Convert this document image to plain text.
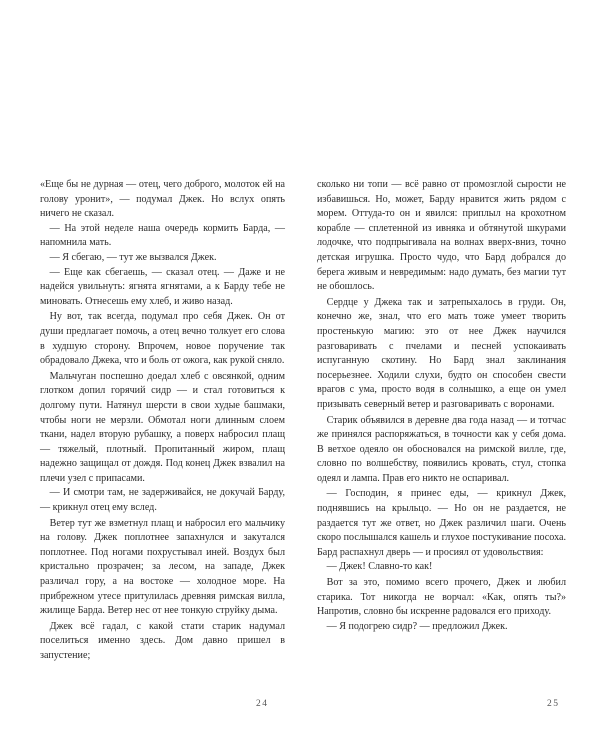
«Еще бы не дурная — отец, чего доброго, молоток ей на голову уронит», — подумал Джек. Но вслух опять ничего не сказал.

— На этой неделе наша очередь кормить Барда, — напомнила мать.

— Я сбегаю, — тут же вызвался Джек.

— Еще как сбегаешь, — сказал отец. — Даже и не надейся увильнуть: ягнята ягнятами, а к Барду тебе не миновать. Отнесешь ему хлеб, и живо назад.

Ну вот, так всегда, подумал про себя Джек. Он от души предлагает помочь, а отец вечно толкует его слова в худшую сторону. Впрочем, новое поручение так обрадовало Джека, что и боль от ожога, как рукой сняло.

Мальчуган поспешно доедал хлеб с овсянкой, одним глотком допил горячий сидр — и стал готовиться к долгому пути. Натянул шерсти в свои худые башмаки, чтобы ноги не мерзли. Обмотал ноги длинным слоем ткани, надел вторую рубашку, а поверх набросил плащ — тяжелый, плотный. Пропитанный жиром, плащ надежно защищал от дождя. Под конец Джек взвалил на плечи узел с припасами.

— И смотри там, не задерживайся, не докучай Барду, — крикнул отец ему вслед.

Ветер тут же взметнул плащ и набросил его мальчику на голову. Джек поплотнее запахнулся и закутался поплотнее. Под ногами похрустывал иней. Воздух был кристально прозрачен; за лесом, на западе, Джек различал гору, а на востоке — холодное море. На прибрежном утесе притулилась древняя римская вилла, жилище Барда. Ветер нес от нее тонкую струйку дыма.

Джек всё гадал, с какой стати старик надумал поселиться именно здесь. Дом давно пришел в запустение;

сколько ни топи — всё равно от промозглой сырости не избавишься. Но, может, Барду нравится жить рядом с морем. Оттуда-то он и явился: приплыл на крохотном корабле — сплетенной из ивняка и обтянутой шкурами лодочке, что подпрыгивала на волнах вверх-вниз, точно детская игрушка. Просто чудо, что Бард добрался до берега живым и невредимым: надо думать, без магии тут не обошлось.

Сердце у Джека так и затрепыхалось в груди. Он, конечно же, знал, что его мать тоже умеет творить простенькую магию: это от нее Джек научился разговаривать с пчелами и песней успокаивать испуганную скотину. Но Бард знал заклинания посерьезнее. Ходили слухи, будто он способен свести врагов с ума, просто водя в солнышко, а еще он умел призывать северный ветер и разговаривать с воронами.

Старик объявился в деревне два года назад — и тотчас же принялся распоряжаться, в точности как у себя дома. В ветхое одеяло он обосновался на римской вилле, где, словно по волшебству, появились кровать, стул, стопка одеял и лампа. Прав его никто не оспаривал.

— Господин, я принес еды, — крикнул Джек, поднявшись на крыльцо. — Но он не раздается, не раздается тут же ответ, но Джек различил шаги. Очень скоро послышался кашель и глухое постукивание посоха. Бард распахнул дверь — и просиял от удовольствия:

— Джек! Славно-то как!

Вот за это, помимо всего прочего, Джек и любил старика. Тот никогда не ворчал: «Как, опять ты?» Напротив, словно бы искренне радовался его приходу.

— Я подогрею сидр? — предложил Джек.

24	25
